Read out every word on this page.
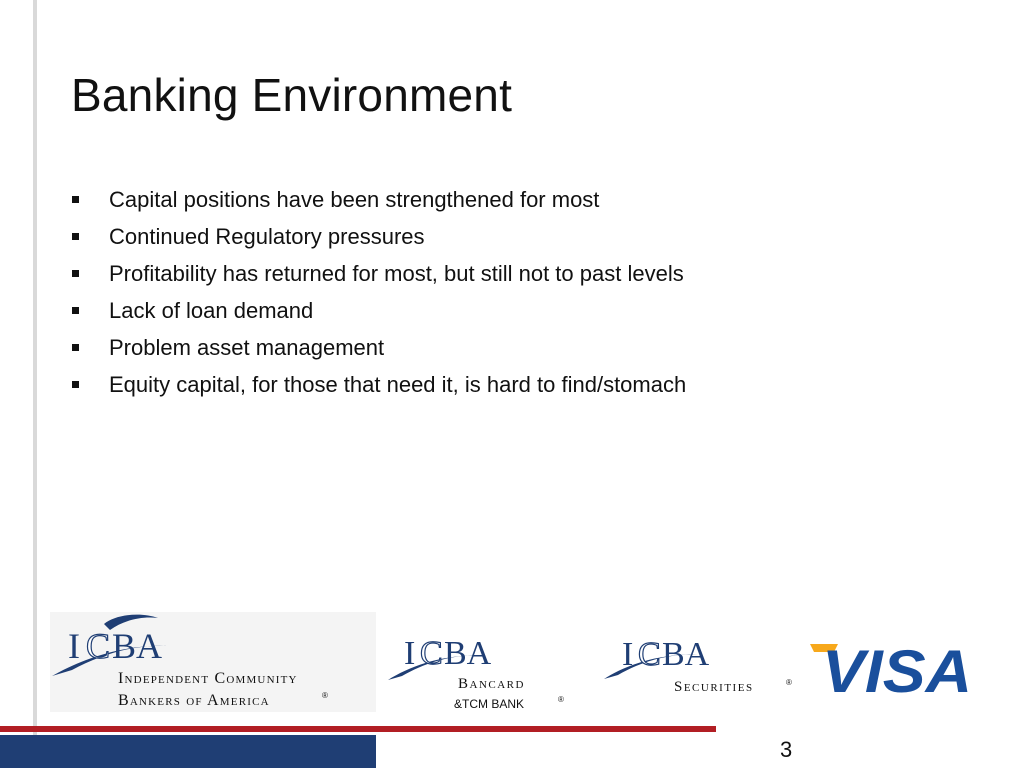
Banking Environment
Capital positions have been strengthened for most
Continued Regulatory pressures
Profitability has returned for most, but still not to past levels
Lack of loan demand
Problem asset management
Equity capital, for those that need it, is hard to find/stomach
I C BA
Independent Community
Bankers of America	®
I C BA
Bancard
&TCM BANK	®
I C BA
Securities	® VISA
3
